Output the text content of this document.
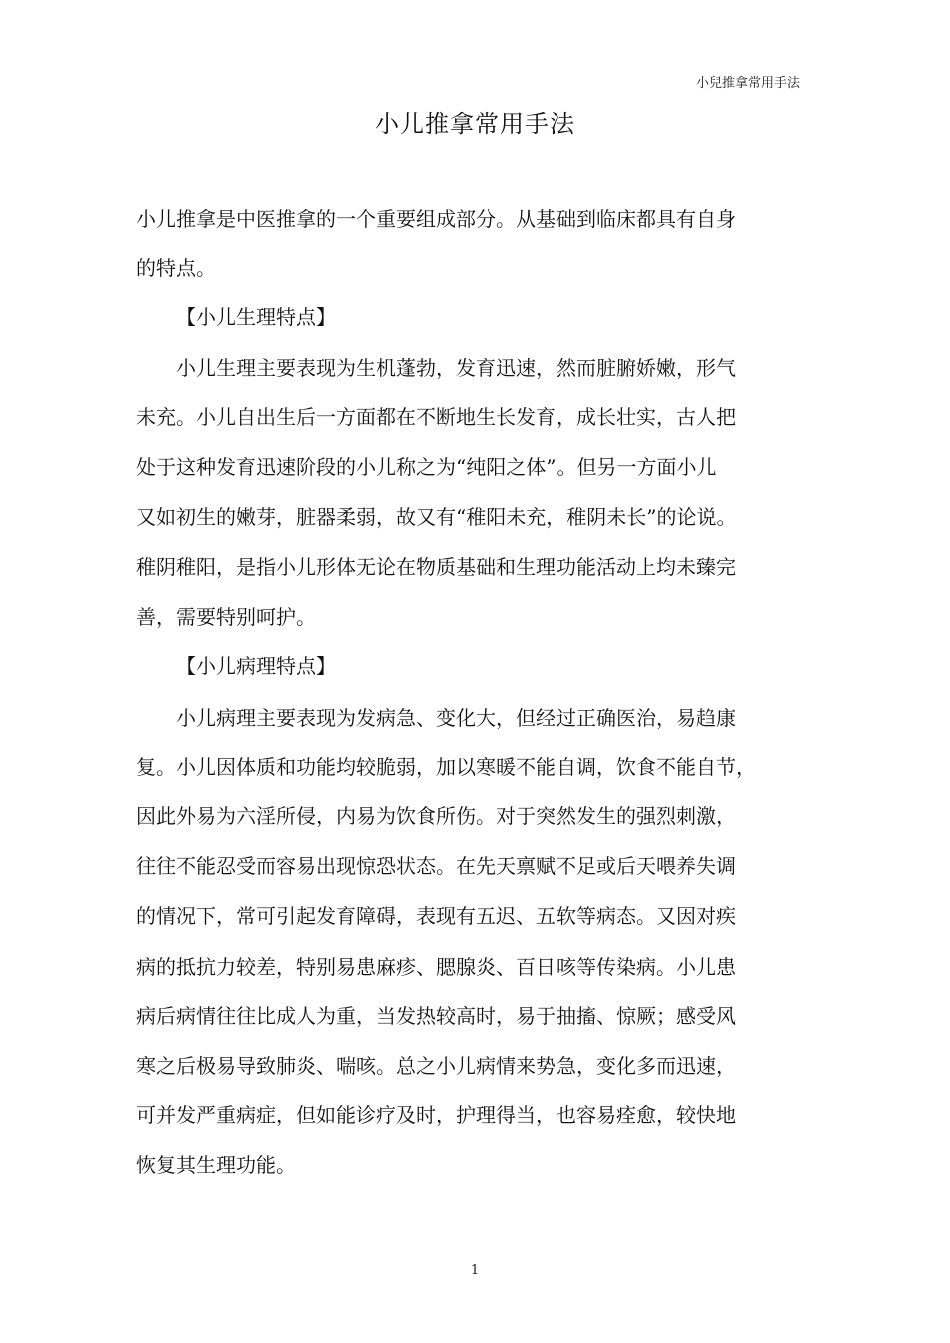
小兒推拿常用手法
小儿推拿常用手法
小儿推拿是中医推拿的一个重要组成部分。从基础到临床都具有自身
的特点。
【小儿生理特点】
小儿生理主要表现为生机蓬勃，发育迅速，然而脏腑娇嫩，形气
未充。小儿自出生后一方面都在不断地生长发育，成长壮实，古人把
处于这种发育迅速阶段的小儿称之为“纯阳之体”。但另一方面小儿
又如初生的嫩芽，脏器柔弱，故又有“稚阳未充，稚阴未长”的论说。
稚阴稚阳，是指小儿形体无论在物质基础和生理功能活动上均未臻完
善，需要特别呵护。
【小儿病理特点】
小儿病理主要表现为发病急、变化大，但经过正确医治，易趋康
复。小儿因体质和功能均较脆弱，加以寒暖不能自调，饮食不能自节，
因此外易为六淫所侵，内易为饮食所伤。对于突然发生的强烈刺激，
往往不能忍受而容易出现惊恐状态。在先天禀赋不足或后天喂养失调
的情况下，常可引起发育障碍，表现有五迟、五软等病态。又因对疾
病的抵抗力较差，特别易患麻疹、腮腺炎、百日咳等传染病。小儿患
病后病情往往比成人为重，当发热较高时，易于抽搐、惊厥；感受风
寒之后极易导致肺炎、喘咳。总之小儿病情来势急，变化多而迅速，
可并发严重病症，但如能诊疗及时，护理得当，也容易痊愈，较快地
恢复其生理功能。
1
